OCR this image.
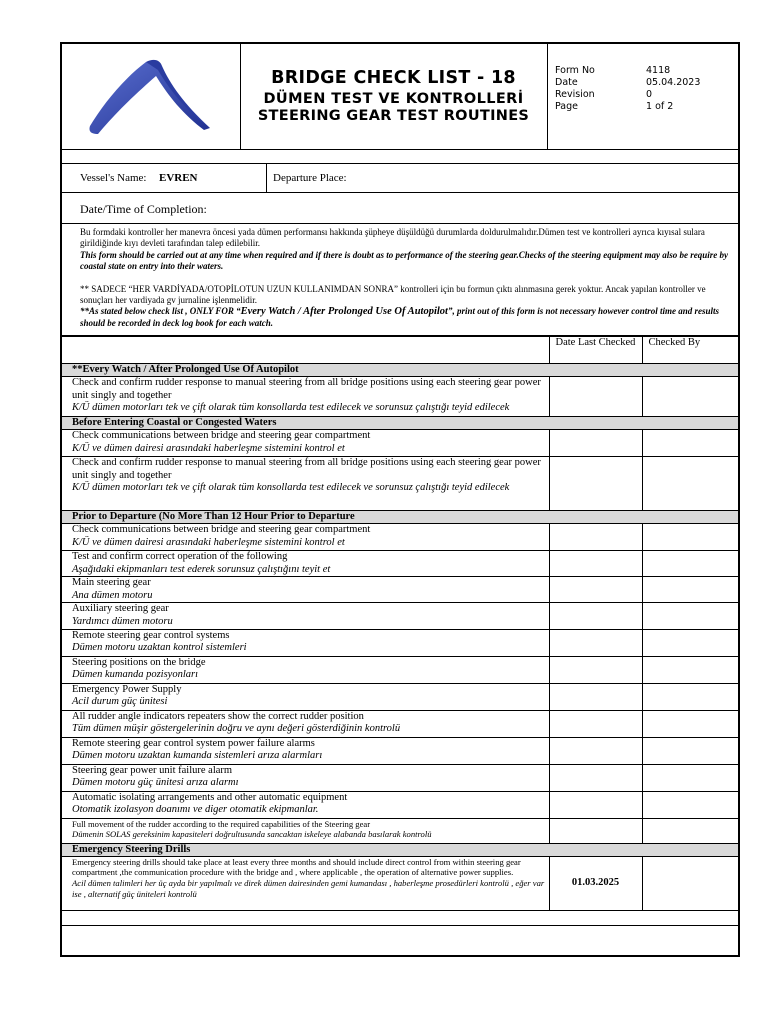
BRIDGE CHECK LIST - 18
DÜMEN TEST VE KONTROLLERİ
STEERING GEAR TEST ROUTINES
Form No	4118
Date	05.04.2023
Revision	0
Page	1 of 2
Vessel's Name: EVREN	Departure Place:
Date/Time of Completion:

Bu formdaki kontroller her manevra öncesi yada dümen performansı hakkında şüpheye düşüldüğü durumlarda doldurulmalıdır.Dümen test ve kontrolleri ayrıca kıyısal sulara girildiğinde kıyı devleti tarafından talep edilebilir.

This form should be carried out at any time when required and if there is doubt as to performance of the steering gear.Checks of the steering equipment may also be require by coastal state on entry into their waters.

** SADECE “HER VARDİYADA/OTOPİLOTUN UZUN KULLANIMDAN SONRA” kontrolleri için bu formun çıktı alınmasına gerek yoktur. Ancak yapılan kontroller ve sonuçları her vardiyada gv jurnaline işlenmelidir.

**As stated below check list , ONLY FOR “Every Watch / After Prolonged Use Of Autopilot”, print out of this form is not necessary however control time and results should be recorded in deck log book for each watch.

	Date Last Checked	Checked By
**Every Watch / After Prolonged Use Of Autopilot		
Check and confirm rudder response to manual steering from all bridge positions using each steering gear power unit singly and together
K/Ü dümen motorları tek ve çift olarak tüm konsollarda test edilecek ve sorunsuz çalıştığı teyid edilecek		

Before Entering Coastal or Congested Waters		
Check communications between bridge and steering gear compartment
K/Ü ve dümen dairesi arasındaki haberleşme sistemini kontrol et		

Check and confirm rudder response to manual steering from all bridge positions using each steering gear power unit singly and together
K/Ü dümen motorları tek ve çift olarak tüm konsollarda test edilecek ve sorunsuz çalıştığı teyid edilecek		

Prior to Departure (No More Than 12 Hour Prior to Departure		
Check communications between bridge and steering gear compartment
K/Ü ve dümen dairesi arasındaki haberleşme sistemini kontrol et		

Test and confirm correct operation of the following
Aşağıdaki ekipmanları test ederek sorunsuz çalıştığını teyit et		

Main steering gear
Ana dümen motoru		

Auxiliary steering gear
Yardımcı dümen motoru		

Remote steering gear control systems
Dümen motoru uzaktan kontrol sistemleri		

Steering positions on the bridge
Dümen kumanda pozisyonları		

Emergency Power Supply
Acil durum güç ünitesi		

All rudder angle indicators repeaters show the correct rudder position
Tüm dümen müşir göstergelerinin doğru ve aynı değeri gösterdiğinin kontrolü		

Remote steering gear control system power failure alarms
Dümen motoru uzaktan kumanda sistemleri arıza alarmları		

Steering gear power unit failure alarm
Dümen motoru güç ünitesi arıza alarmı		

Automatic isolating arrangements and other automatic equipment
Otomatik izolasyon doanımı ve diger otomatik ekipmanlar.		

Full movement of the rudder according to the required capabilities of the Steering gear
Dümenin SOLAS gereksinim kapasiteleri doğrultusunda sancaktan iskeleye alabanda basılarak kontrolü		

Emergency Steering Drills		
Emergency steering drills should take place at least every three months and should include direct control from within steering gear compartment ,the communication procedure with the bridge and , where applicable , the operation of alternative power supplies.
Acil dümen talimleri her üç ayda bir yapılmalı ve direk dümen dairesinden gemi kumandası , haberleşme prosedürleri kontrolü , eğer var ise , alternatif güç üniteleri kontrolü	01.03.2025	
